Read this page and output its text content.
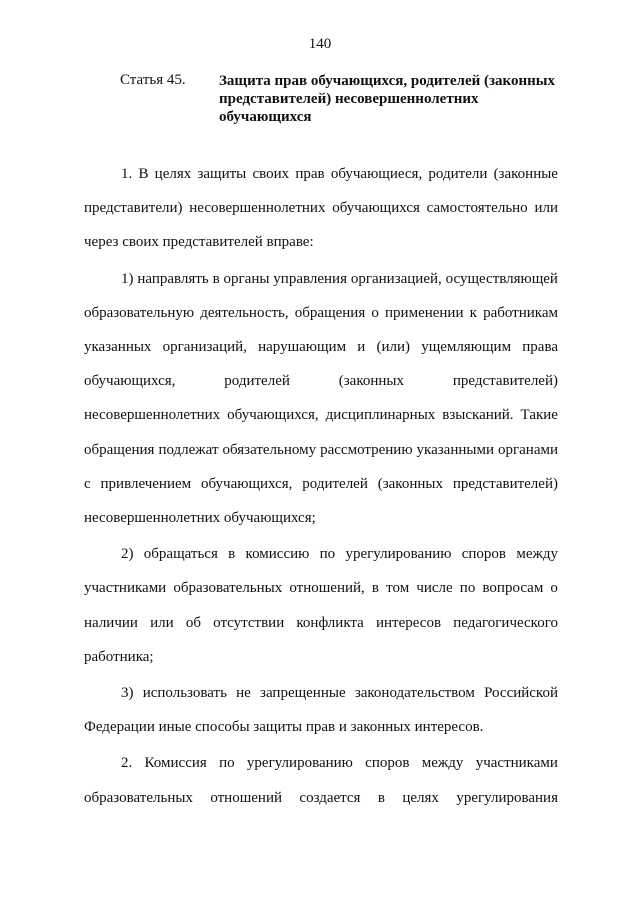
140
Статья 45. Защита прав обучающихся, родителей (законных
представителей) несовершеннолетних
обучающихся
1. В целях защиты своих прав обучающиеся, родители (законные
представители) несовершеннолетних обучающихся самостоятельно или
через своих представителей вправе:
1) направлять в органы управления организацией, осуществляющей
образовательную деятельность, обращения о применении к работникам
указанных организаций, нарушающим и (или) ущемляющим права
обучающихся,	родителей	(законных	представителей)
несовершеннолетних обучающихся, дисциплинарных взысканий. Такие
обращения подлежат обязательному рассмотрению указанными органами
с привлечением обучающихся, родителей (законных представителей)
несовершеннолетних обучающихся;
2) обращаться в комиссию по урегулированию споров между
участниками образовательных отношений, в том числе по вопросам о
наличии или об отсутствии конфликта интересов педагогического
работника;
3) использовать не запрещенные законодательством Российской
Федерации иные способы защиты прав и законных интересов.
2. Комиссия по урегулированию споров между участниками
образовательных отношений создается в целях урегулирования
